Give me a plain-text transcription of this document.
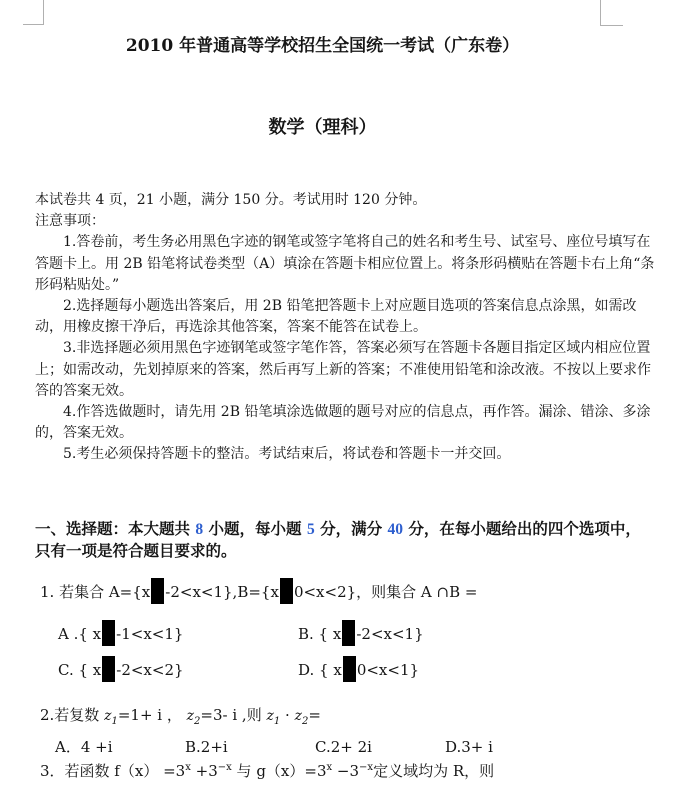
2010 年普通高等学校招生全国统一考试（广东卷）
数学（理科）

本试卷共 4 页，21 小题，满分 150 分。考试用时 120 分钟。

注意事项：

1.答卷前，考生务必用黑色字迹的钢笔或签字笔将自己的姓名和考生号、试室号、座位号填写在答题卡上。用 2B 铅笔将试卷类型（A）填涂在答题卡相应位置上。将条形码横贴在答题卡右上角“条形码粘贴处。”

2.选择题每小题选出答案后，用 2B 铅笔把答题卡上对应题目选项的答案信息点涂黑，如需改动，用橡皮擦干净后，再选涂其他答案，答案不能答在试卷上。

3.非选择题必须用黑色字迹钢笔或签字笔作答，答案必须写在答题卡各题目指定区域内相应位置上；如需改动，先划掉原来的答案，然后再写上新的答案；不准使用铅笔和涂改液。不按以上要求作答的答案无效。

4.作答选做题时，请先用 2B 铅笔填涂选做题的题号对应的信息点，再作答。漏涂、错涂、多涂的，答案无效。

5.考生必须保持答题卡的整洁。考试结束后，将试卷和答题卡一并交回。

一、选择题：本大题共 8 小题，每小题 5 分，满分 40 分，在每小题给出的四个选项中，只有一项是符合题目要求的。
1. 若集合 A={x -2<x<1},B={x 0<x<2}，则集合 A ∩B =
A .{ x -1<x<1}	B. { x -2<x<1}
C. { x -2<x<2}	D. { x 0<x<1}
2.若复数 $z_1=1+ i$ ， $z_2=3-$ i ,则 $z_1 \cdot z_2=$
A．4 +i	B.2+i	C.2+ 2i	D.3+ i
3．若函数 $f(x) =3^x +3^{-x}$ 与 $g(x)=3^x -3^{-x}$定义域均为 R，则
